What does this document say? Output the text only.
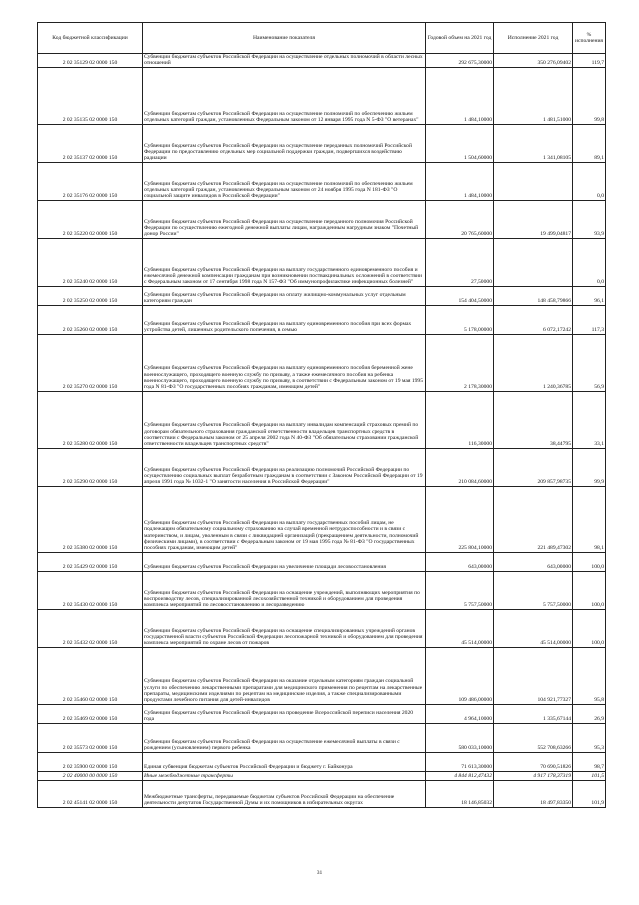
Код бюджетной классификации	Наименование показателя	Годовой объем на 2021 год	Исполнение 2021 год	% исполнения
2 02 35129 02 0000 150	Субвенции бюджетам субъектов Российской Федерации на осуществление отдельных полномочий в области лесных отношений	292 675,30000	350 276,09402	119,7
2 02 35135 02 0000 150	Субвенции бюджетам субъектов Российской Федерации на осуществление полномочий по обеспечению жильем отдельных категорий граждан, установленных Федеральным законом от 12 января 1995 года N 5-ФЗ "О ветеранах"	1 484,10000	1 481,51000	99,8
2 02 35137 02 0000 150	Субвенции бюджетам субъектов Российской Федерации на осуществление переданных полномочий Российской Федерации по предоставлению отдельных мер социальной поддержки граждан, подвергшихся воздействию радиации	1 504,60000	1 341,08105	89,1
2 02 35176 02 0000 150	Субвенции бюджетам субъектов Российской Федерации на осуществление полномочий по обеспечению жильем отдельных категорий граждан, установленных Федеральным законом от 24 ноября 1995 года N 181-ФЗ "О социальной защите инвалидов в Российской Федерации"	1 484,10000		0,0
2 02 35220 02 0000 150	Субвенции бюджетам субъектов Российской Федерации на осуществление переданного полномочия Российской Федерации по осуществлению ежегодной денежной выплаты лицам, награжденным нагрудным знаком "Почетный донор России"	20 765,60000	19 499,04817	93,9
2 02 35240 02 0000 150	Субвенции бюджетам субъектов Российской Федерации на выплату государственного единовременного пособия и ежемесячной денежной компенсации гражданам при возникновении поствакцинальных осложнений в соответствии с Федеральным законом от 17 сентября 1998 года N 157-ФЗ "Об иммунопрофилактике инфекционных болезней"	27,50000		0,0
2 02 35250 02 0000 150	Субвенции бюджетам субъектов Российской Федерации на оплату жилищно-коммунальных услуг отдельным категориям граждан	154 404,50000	148 458,79866	96,1
2 02 35260 02 0000 150	Субвенции бюджетам субъектов Российской Федерации на выплату единовременного пособия при всех формах устройства детей, лишенных родительского попечения, в семью	5 178,00000	6 072,17242	117,3
2 02 35270 02 0000 150	Субвенции бюджетам субъектов Российской Федерации на выплату единовременного пособия беременной жене военнослужащего, проходящего военную службу по призыву, а также ежемесячного пособия на ребенка военнослужащего, проходящего военную службу по призыву, в соответствии с Федеральным законом от 19 мая 1995 года N 81-ФЗ "О государственных пособиях гражданам, имеющим детей"	2 178,30000	1 240,36785	56,9
2 02 35280 02 0000 150	Субвенции бюджетам субъектов Российской Федерации на выплату инвалидам компенсаций страховых премий по договорам обязательного страхования гражданской ответственности владельцев транспортных средств в соответствии с Федеральным законом от 25 апреля 2002 года N 40-ФЗ "Об обязательном страховании гражданской ответственности владельцев транспортных средств"	116,30000	38,44795	33,1
2 02 35290 02 0000 150	Субвенции бюджетам субъектов Российской Федерации на реализацию полномочий Российской Федерации по осуществлению социальных выплат безработным гражданам в соответствии с Законом Российской Федерации от 19 апреля 1991 года № 1032-1 "О занятости населения в Российской Федерации"	210 084,60000	209 857,98735	99,9
2 02 35380 02 0000 150	Субвенции бюджетам субъектов Российской Федерации на выплату государственных пособий лицам, не подлежащим обязательному социальному страхованию на случай временной нетрудоспособности и в связи с материнством, и лицам, уволенным в связи с ликвидацией организаций (прекращением деятельности, полномочий физическими лицами), в соответствии с Федеральным законом от 19 мая 1995 года № 81-ФЗ "О государственных пособиях гражданам, имеющим детей"	225 804,10000	221 489,47302	98,1
2 02 35429 02 0000 150	Субвенции бюджетам субъектов Российской Федерации на увеличение площади лесовосстановления	643,00000	643,00000	100,0
2 02 35430 02 0000 150	Субвенции бюджетам субъектов Российской Федерации на оснащение учреждений, выполняющих мероприятия по воспроизводству лесов, специализированной лесохозяйственной техникой и оборудованием для проведения комплекса мероприятий по лесовосстановлению и лесоразведению	5 757,50000	5 757,50000	100,0
2 02 35432 02 0000 150	Субвенции бюджетам субъектов Российской Федерации на оснащение специализированных учреждений органов государственной власти субъектов Российской Федерации лесопожарной техникой и оборудованием для проведения комплекса мероприятий по охране лесов от пожаров	45 514,00000	45 514,00000	100,0
2 02 35460 02 0000 150	Субвенции бюджетам субъектов Российской Федерации на оказание отдельным категориям граждан социальной услуги по обеспечению лекарственными препаратами для медицинского применения по рецептам на лекарственные препараты, медицинскими изделиями по рецептам на медицинские изделия, а также специализированными продуктами лечебного питания для детей-инвалидов	109 486,00000	104 921,77327	95,8
2 02 35469 02 0000 150	Субвенции бюджетам субъектов Российской Федерации на проведение Всероссийской переписи населения 2020 года	4 964,10000	1 335,67144	26,9
2 02 35573 02 0000 150	Субвенции бюджетам субъектов Российской Федерации на осуществление ежемесячной выплаты в связи с рождением (усыновлением) первого ребенка	580 033,10000	552 708,63266	95,3
2 02 35900 02 0000 150	Единая субвенция бюджетам субъектов Российской Федерации и бюджету г. Байконура	71 613,30000	70 690,51826	98,7
2 02 40000 00 0000 150	Иные межбюджетные трансферты	4 844 812,47432	4 917 178,37319	101,5
2 02 45141 02 0000 150	Межбюджетные трансферты, передаваемые бюджетам субъектов Российской Федерации на обеспечение деятельности депутатов Государственной Думы и их помощников в избирательных округах	18 146,85032	18 497,83350	101,9
31
